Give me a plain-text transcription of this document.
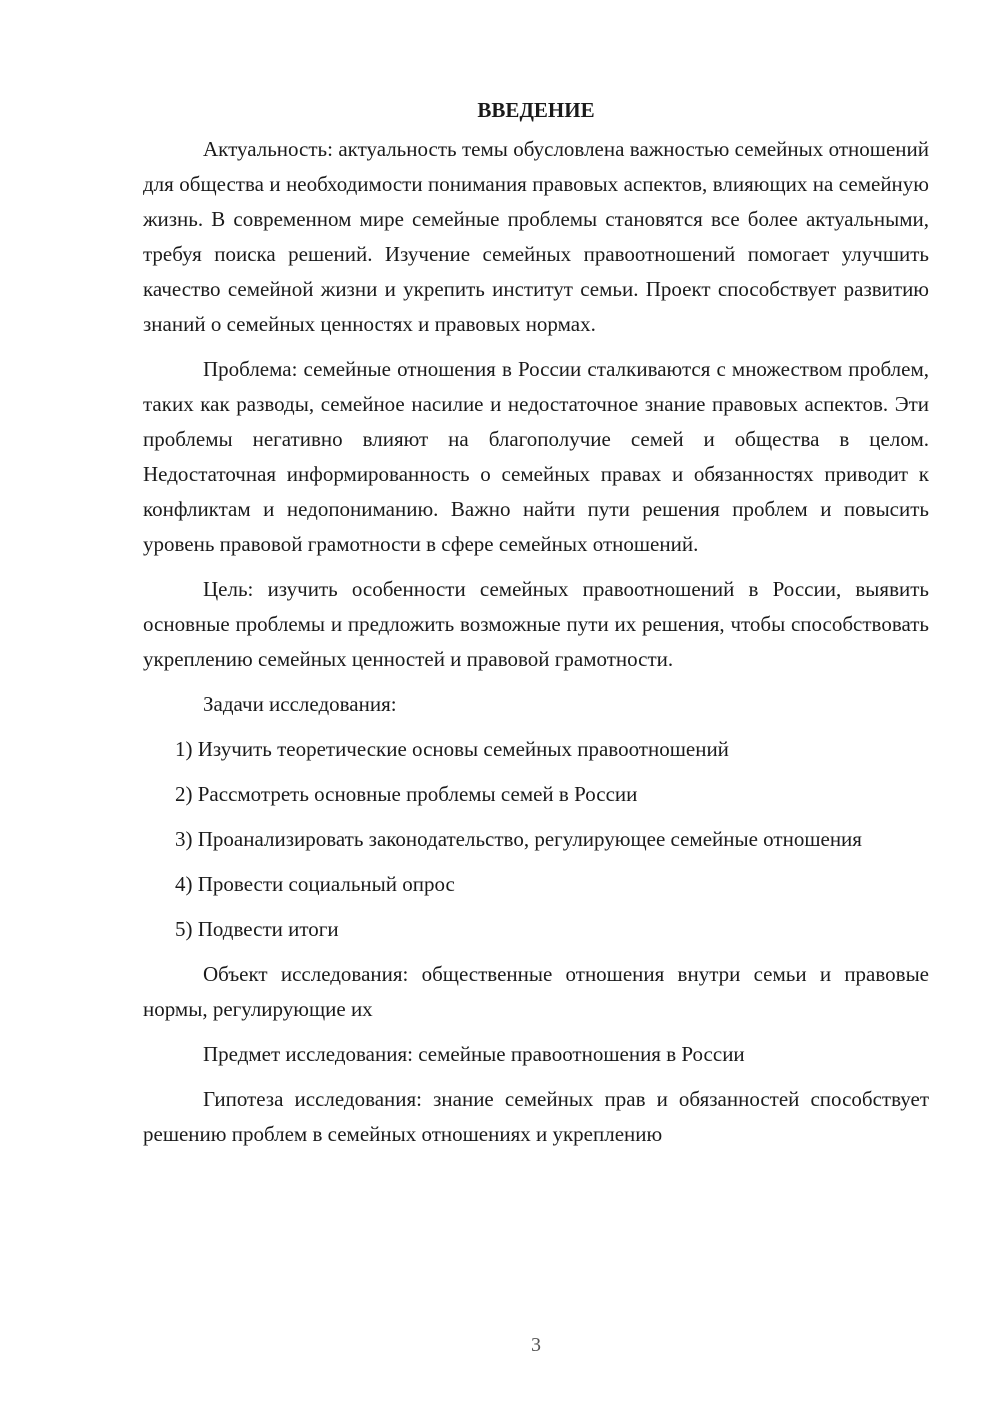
ВВЕДЕНИЕ

Актуальность: актуальность темы обусловлена важностью семейных отношений для общества и необходимости понимания правовых аспектов, влияющих на семейную жизнь. В современном мире семейные проблемы становятся все более актуальными, требуя поиска решений. Изучение семейных правоотношений помогает улучшить качество семейной жизни и укрепить институт семьи. Проект способствует развитию знаний о семейных ценностях и правовых нормах.

Проблема: семейные отношения в России сталкиваются с множеством проблем, таких как разводы, семейное насилие и недостаточное знание правовых аспектов. Эти проблемы негативно влияют на благополучие семей и общества в целом. Недостаточная информированность о семейных правах и обязанностях приводит к конфликтам и недопониманию. Важно найти пути решения проблем и повысить уровень правовой грамотности в сфере семейных отношений.

Цель: изучить особенности семейных правоотношений в России, выявить основные проблемы и предложить возможные пути их решения, чтобы способствовать укреплению семейных ценностей и правовой грамотности.

Задачи исследования:

1) Изучить теоретические основы семейных правоотношений
2) Рассмотреть основные проблемы семей в России
3) Проанализировать законодательство, регулирующее семейные отношения
4) Провести социальный опрос
5) Подвести итоги

Объект исследования: общественные отношения внутри семьи и правовые нормы, регулирующие их

Предмет исследования: семейные правоотношения в России

Гипотеза исследования: знание семейных прав и обязанностей способствует решению проблем в семейных отношениях и укреплению

3
